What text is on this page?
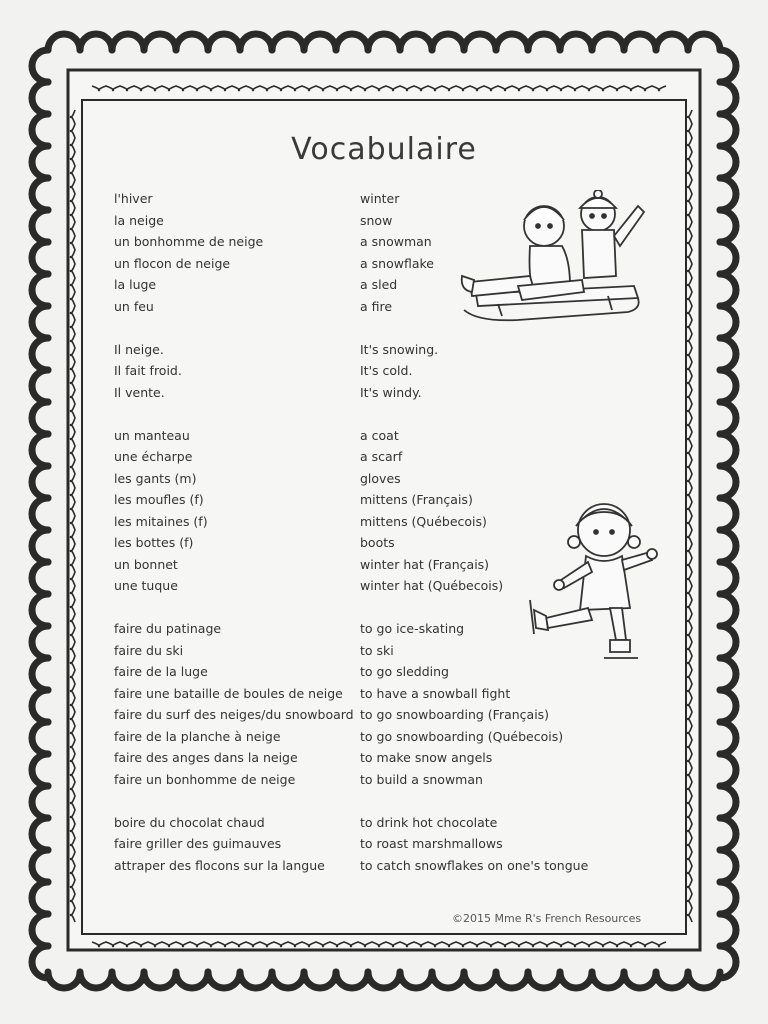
Vocabulaire
l'hiver	winter
la neige	snow
un bonhomme de neige	a snowman
un flocon de neige	a snowflake
la luge	a sled
un feu	a fire
Il neige.	It's snowing.
Il fait froid.	It's cold.
Il vente.	It's windy.
un manteau	a coat
une écharpe	a scarf
les gants (m)	gloves
les moufles (f)	mittens (Français)
les mitaines (f)	mittens (Québecois)
les bottes (f)	boots
un bonnet	winter hat (Français)
une tuque	winter hat (Québecois)
faire du patinage	to go ice-skating
faire du ski	to ski
faire de la luge	to go sledding
faire une bataille de boules de neige to have a snowball fight
faire du surf des neiges/du snowboard to go snowboarding (Français)
faire de la planche à neige	to go snowboarding (Québecois)
faire des anges dans la neige	to make snow angels
faire un bonhomme de neige	to build a snowman
boire du chocolat chaud	to drink hot chocolate
faire griller des guimauves	to roast marshmallows
attraper des flocons sur la langue	to catch snowflakes on one's tongue
©2015 Mme R's French Resources
